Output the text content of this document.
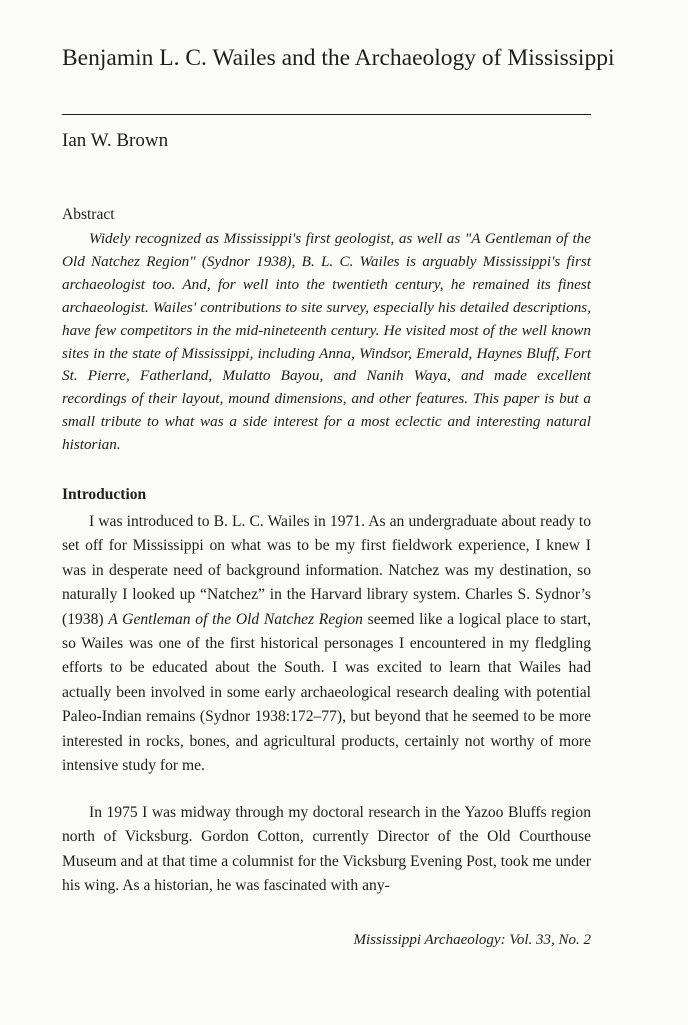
Benjamin L. C. Wailes and the Archaeology of Mississippi
Ian W. Brown
Abstract

Widely recognized as Mississippi's first geologist, as well as "A Gentleman of the Old Natchez Region" (Sydnor 1938), B. L. C. Wailes is arguably Mississippi's first archaeologist too. And, for well into the twentieth century, he remained its finest archaeologist. Wailes' contributions to site survey, especially his detailed descriptions, have few competitors in the mid-nineteenth century. He visited most of the well known sites in the state of Mississippi, including Anna, Windsor, Emerald, Haynes Bluff, Fort St. Pierre, Fatherland, Mulatto Bayou, and Nanih Waya, and made excellent recordings of their layout, mound dimensions, and other features. This paper is but a small tribute to what was a side interest for a most eclectic and interesting natural historian.

Introduction

I was introduced to B. L. C. Wailes in 1971. As an undergraduate about ready to set off for Mississippi on what was to be my first fieldwork experience, I knew I was in desperate need of background information. Natchez was my destination, so naturally I looked up “Natchez” in the Harvard library system. Charles S. Sydnor’s (1938) A Gentleman of the Old Natchez Region seemed like a logical place to start, so Wailes was one of the first historical personages I encountered in my fledgling efforts to be educated about the South. I was excited to learn that Wailes had actually been involved in some early archaeological research dealing with potential Paleo-Indian remains (Sydnor 1938:172–77), but beyond that he seemed to be more interested in rocks, bones, and agricultural products, certainly not worthy of more intensive study for me.

In 1975 I was midway through my doctoral research in the Yazoo Bluffs region north of Vicksburg. Gordon Cotton, currently Director of the Old Courthouse Museum and at that time a columnist for the Vicksburg Evening Post, took me under his wing. As a historian, he was fascinated with any-

Mississippi Archaeology: Vol. 33, No. 2
